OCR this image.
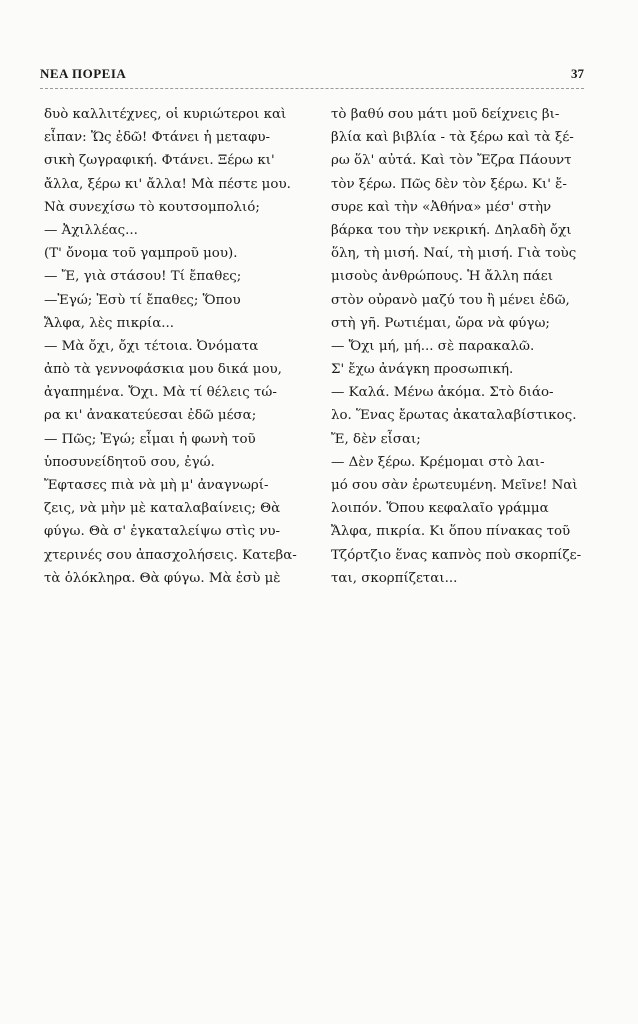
ΝΕΑ ΠΟΡΕΙΑ	37
δυὸ καλλιτέχνες, οἱ κυριώτεροι καὶ
εἶπαν: Ὥς ἐδῶ! Φτάνει ἡ μεταφυ-
σικὴ ζωγραφική. Φτάνει. Ξέρω κι'
ἄλλα, ξέρω κι' ἄλλα! Μὰ πέστε μου.
Νὰ συνεχίσω τὸ κουτσομπολιό;
— Ἀχιλλέας...
(Τ' ὄνομα τοῦ γαμπροῦ μου).
— Ἔ, γιὰ στάσου! Τί ἔπαθες;
—Ἐγώ; Ἐσὺ τί ἔπαθες; Ὅπου
Ἄλφα, λὲς πικρία...
— Μὰ ὄχι, ὄχι τέτοια. Ὀνόματα
ἀπὸ τὰ γεννοφάσκια μου δικά μου,
ἀγαπημένα. Ὄχι. Μὰ τί θέλεις τώ-
ρα κι' ἀνακατεύεσαι ἐδῶ μέσα;
— Πῶς; Ἐγώ; εἶμαι ἡ φωνὴ τοῦ
ὑποσυνείδητοῦ σου, ἐγώ.
Ἔφτασες πιὰ νὰ μὴ μ' ἀναγνωρί-
ζεις, νὰ μὴν μὲ καταλαβαίνεις; Θὰ
φύγω. Θὰ σ' ἐγκαταλείψω στὶς νυ-
χτερινές σου ἀπασχολήσεις. Κατεβα-
τὰ ὁλόκληρα. Θὰ φύγω. Μὰ ἐσὺ μὲ
τὸ βαθύ σου μάτι μοῦ δείχνεις βι-
βλία καὶ βιβλία - τὰ ξέρω καὶ τὰ ξέ-
ρω ὅλ' αὐτά. Καὶ τὸν Ἔζρα Πάουντ
τὸν ξέρω. Πῶς δὲν τὸν ξέρω. Κι' ἔ-
συρε καὶ τὴν «Ἀθήνα» μέσ' στὴν
βάρκα του τὴν νεκρική. Δηλαδὴ ὄχι
ὅλη, τὴ μισή. Ναί, τὴ μισή. Γιὰ τοὺς
μισοὺς ἀνθρώπους. Ἡ ἄλλη πάει
στὸν οὐρανὸ μαζύ του ἢ μένει ἐδῶ,
στὴ γῆ. Ρωτιέμαι, ὥρα νὰ φύγω;
— Ὄχι μή, μή... σὲ παρακαλῶ.
Σ' ἔχω ἀνάγκη προσωπική.
— Καλά. Μένω ἀκόμα. Στὸ διάο-
λο. Ἕνας ἔρωτας ἀκαταλαβίστικος.
Ἔ, δὲν εἶσαι;
— Δὲν ξέρω. Κρέμομαι στὸ λαι-
μό σου σὰν ἐρωτευμένη. Μεῖνε! Ναὶ
λοιπόν. Ὅπου κεφαλαῖο γράμμα
Ἄλφα, πικρία. Κι ὅπου πίνακας τοῦ
Τζόρτζιο ἕνας καπνὸς ποὺ σκορπίζε-
ται, σκορπίζεται...
